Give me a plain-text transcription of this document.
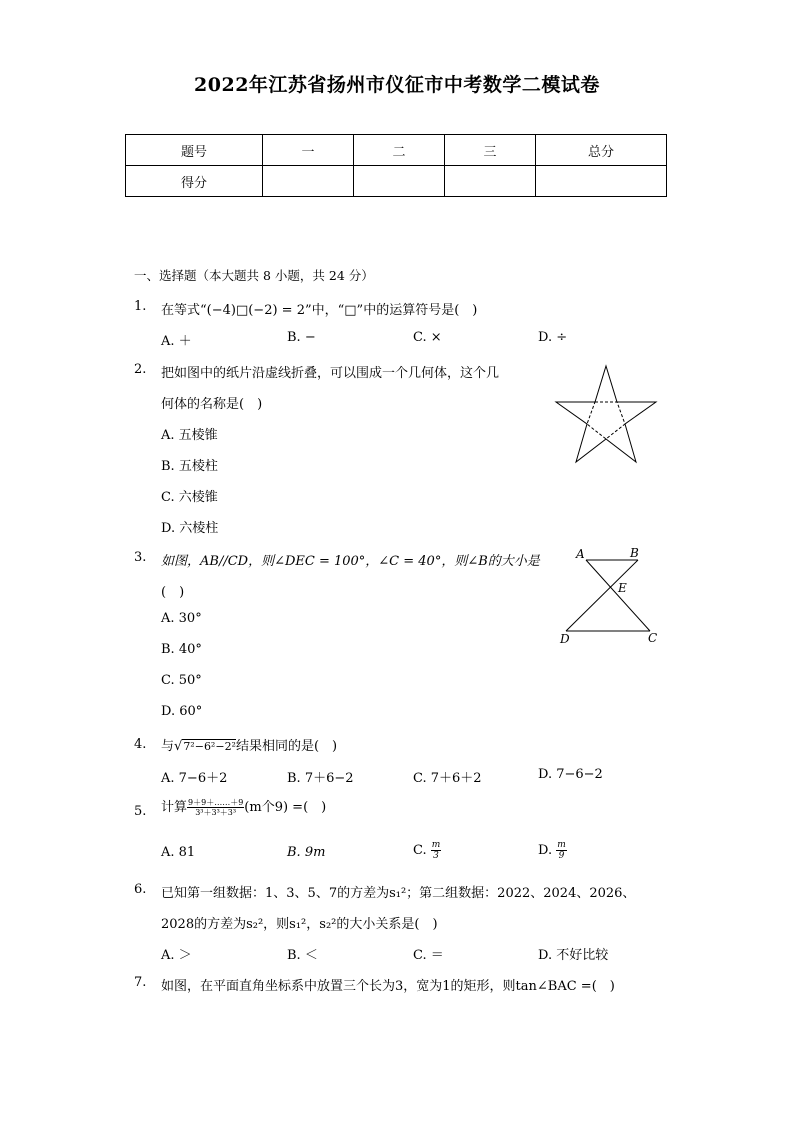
2022年江苏省扬州市仪征市中考数学二模试卷
题号	一	二	三	总分
得分				
一、选择题（本大题共 8 小题，共 24 分）
1. 在等式“(−4)□(−2) = 2”中，“□”中的运算符号是(　)
A. ＋	B. −	C. ×	D. ÷
2. 把如图中的纸片沿虚线折叠，可以围成一个几何体，这个几
何体的名称是(　)
A. 五棱锥
B. 五棱柱
C. 六棱锥
D. 六棱柱
3. 如图，AB//CD，则∠DEC = 100°，∠C = 40°，则∠B的大小是
(　)
A. 30°
B. 40°
C. 50°
D. 60°
A	B
E
D	C
4. 与√7²−6²−2²结果相同的是(　)
A. 7−6＋2	B. 7＋6−2	C. 7＋6＋2	D. 7−6−2
5. 计算 $\frac{9+9+\dots\dots+9}{\text{3³＋3³＋3³}} (m$个9) =(　)
A. 81	B. 9m	C. $\frac{m}{3}$	D. $\frac{m}{9}$
6. 已知第一组数据：1、3、5、7的方差为s₁²；第二组数据：2022、2024、2026、
2028的方差为s₂²，则s₁²，s₂²的大小关系是(　)
A. ＞	B. ＜	C. ＝	D. 不好比较
7. 如图，在平面直角坐标系中放置三个长为3，宽为1的矩形，则tan∠BAC =(　)
